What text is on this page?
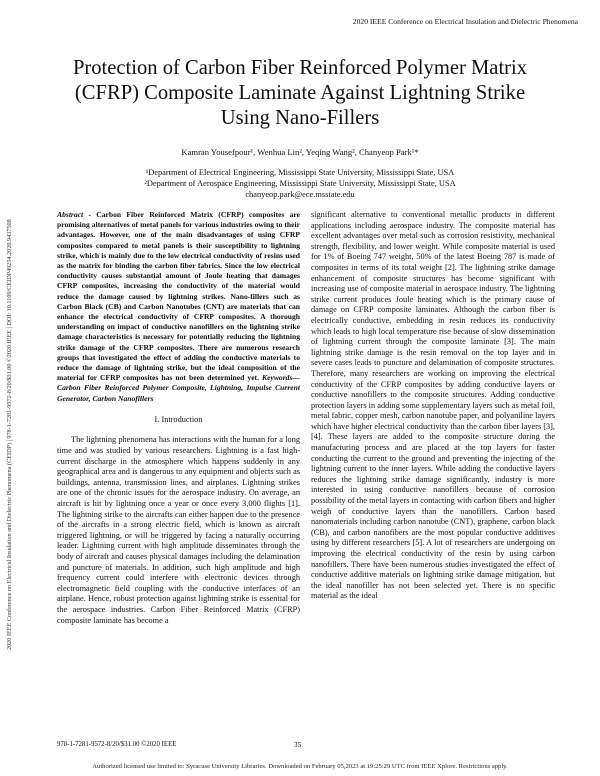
2020 IEEE Conference on Electrical Insulation and Dielectric Phenomena
2020 IEEE Conference on Electrical Insulation and Dielectric Phenomena (CEIDP) | 978-1-7281-9572-8/20/$31.00 ©2020 IEEE | DOI: 10.1109/CEIDP49254.2020.9437508
Protection of Carbon Fiber Reinforced Polymer Matrix (CFRP) Composite Laminate Against Lightning Strike Using Nano-Fillers
Kamran Yousefpour¹, Wenhua Lin², Yeqing Wang², Chanyeop Park¹*
¹Department of Electrical Engineering, Mississippi State University, Mississippi State, USA
²Department of Aerospace Engineering, Mississippi State University, Mississippi State, USA
chanyeop.park@ece.msstate.edu

Abstract - Carbon Fiber Reinforced Matrix (CFRP) composites are promising alternatives of metal panels for various industries owing to their advantages. However, one of the main disadvantages of using CFRP composites compared to metal panels is their susceptibility to lightning strike, which is mainly due to the low electrical conductivity of resins used as the matrix for binding the carbon fiber fabrics. Since the low electrical conductivity causes substantial amount of Joule heating that damages CFRP composites, increasing the conductivity of the material would reduce the damage caused by lightning strikes. Nano-fillers such as Carbon Black (CB) and Carbon Nanotubes (CNT) are materials that can enhance the electrical conductivity of CFRP composites. A thorough understanding on impact of conductive nanofillers on the lightning strike damage characteristics is necessary for potentially reducing the lightning strike damage of the CFRP composites. There are numerous research groups that investigated the effect of adding the conductive materials to reduce the damage of lightning strike, but the ideal composition of the material for CFRP composites has not been determined yet. Keywords— Carbon Fiber Reinforced Polymer Composite, Lightning, Impulse Current Generator, Carbon Nanofillers

I. Introduction

The lightning phenomena has interactions with the human for a long time and was studied by various researchers. Lightning is a fast high-current discharge in the atmosphere which happens suddenly in any geographical area and is dangerous to any equipment and objects such as buildings, antenna, transmission lines, and airplanes. Lightning strikes are one of the chronic issues for the aerospace industry. On average, an aircraft is hit by lightning once a year or once every 3,000 flights [1]. The lightning strike to the aircrafts can either happen due to the presence of the aircrafts in a strong electric field, which is known as aircraft triggered lightning, or will be triggered by facing a naturally occurring leader. Lightning current with high amplitude disseminates through the body of aircraft and causes physical damages including the delamination and puncture of materials. In addition, such high amplitude and high frequency current could interfere with electronic devices through electromagnetic field coupling with the conductive interfaces of an airplane. Hence, robust protection against lightning strike is essential for the aerospace industries. Carbon Fiber Reinforced Matrix (CFRP) composite laminate has become a

significant alternative to conventional metallic products in different applications including aerospace industry. The composite material has excellent advantages over metal such as corrosion resistivity, mechanical strength, flexibility, and lower weight. While composite material is used for 1% of Boeing 747 weight, 50% of the latest Boeing 787 is made of composites in terms of its total weight [2]. The lightning strike damage enhancement of composite structures has become significant with increasing use of composite material in aerospace industry. The lightning strike current produces Joule heating which is the primary cause of damage on CFRP composite laminates. Although the carbon fiber is electrically conductive, embedding in resin reduces its conductivity which leads to high local temperature rise because of slow dissemination of lightning current through the composite laminate [3]. The main lightning strike damage is the resin removal on the top layer and in severe cases leads to puncture and delamination of composite structures. Therefore, many researchers are working on improving the electrical conductivity of the CFRP composites by adding conductive layers or conductive nanofillers to the composite structures. Adding conductive protection layers in adding some supplementary layers such as metal foil, metal fabric, copper mesh, carbon nanotube paper, and polyaniline layers which have higher electrical conductivity than the carbon fiber layers [3], [4]. These layers are added to the composite structure during the manufacturing process and are placed at the top layers for faster conducting the current to the ground and preventing the injecting of the lightning current to the inner layers. While adding the conductive layers reduces the lightning strike damage significantly, industry is more interested in using conductive nanofillers because of corrosion possibility of the metal layers in contacting with carbon fibers and higher weigh of conductive layers than the nanofillers. Carbon based nanomaterials including carbon nanotube (CNT), graphene, carbon black (CB), and carbon nanofibers are the most popular conductive additives using by different researchers [5]. A lot of researchers are undergoing on improving the electrical conductivity of the resin by using carbon nanofillers. There have been numerous studies investigated the effect of conductive additive materials on lightning strike damage mitigation, but the ideal nanofiller has not been selected yet. There is no specific material as the ideal

978-1-7281-9572-8/20/$31.00 ©2020 IEEE	35
Authorized licensed use limited to: Syracuse University Libraries. Downloaded on February 05,2023 at 19:25:29 UTC from IEEE Xplore. Restrictions apply.
